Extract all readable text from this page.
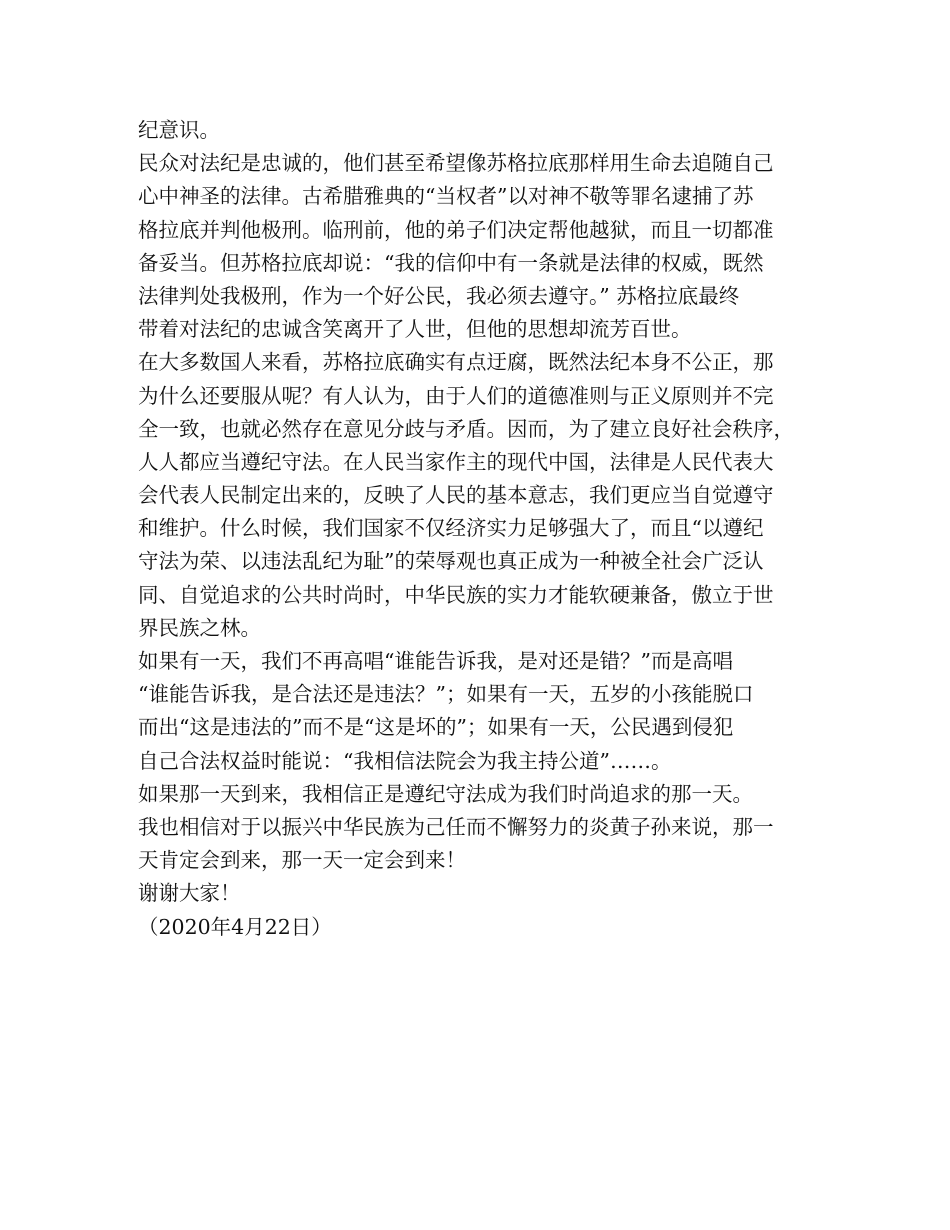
纪意识。
民众对法纪是忠诚的，他们甚至希望像苏格拉底那样用生命去追随自己
心中神圣的法律。古希腊雅典的“当权者”以对神不敬等罪名逮捕了苏
格拉底并判他极刑。临刑前，他的弟子们决定帮他越狱，而且一切都准
备妥当。但苏格拉底却说：“我的信仰中有一条就是法律的权威，既然
法律判处我极刑，作为一个好公民，我必须去遵守。” 苏格拉底最终
带着对法纪的忠诚含笑离开了人世，但他的思想却流芳百世。
在大多数国人来看，苏格拉底确实有点迂腐，既然法纪本身不公正，那
为什么还要服从呢？有人认为，由于人们的道德准则与正义原则并不完
全一致，也就必然存在意见分歧与矛盾。因而，为了建立良好社会秩序，
人人都应当遵纪守法。在人民当家作主的现代中国，法律是人民代表大
会代表人民制定出来的，反映了人民的基本意志，我们更应当自觉遵守
和维护。什么时候，我们国家不仅经济实力足够强大了，而且“以遵纪
守法为荣、以违法乱纪为耻”的荣辱观也真正成为一种被全社会广泛认
同、自觉追求的公共时尚时，中华民族的实力才能软硬兼备，傲立于世
界民族之林。
如果有一天，我们不再高唱“谁能告诉我，是对还是错？”而是高唱
“谁能告诉我，是合法还是违法？”；如果有一天，五岁的小孩能脱口
而出“这是违法的”而不是“这是坏的”；如果有一天，公民遇到侵犯
自己合法权益时能说：“我相信法院会为我主持公道”……。
如果那一天到来，我相信正是遵纪守法成为我们时尚追求的那一天。
我也相信对于以振兴中华民族为己任而不懈努力的炎黄子孙来说，那一
天肯定会到来，那一天一定会到来！
谢谢大家！
（2020年4月22日）
